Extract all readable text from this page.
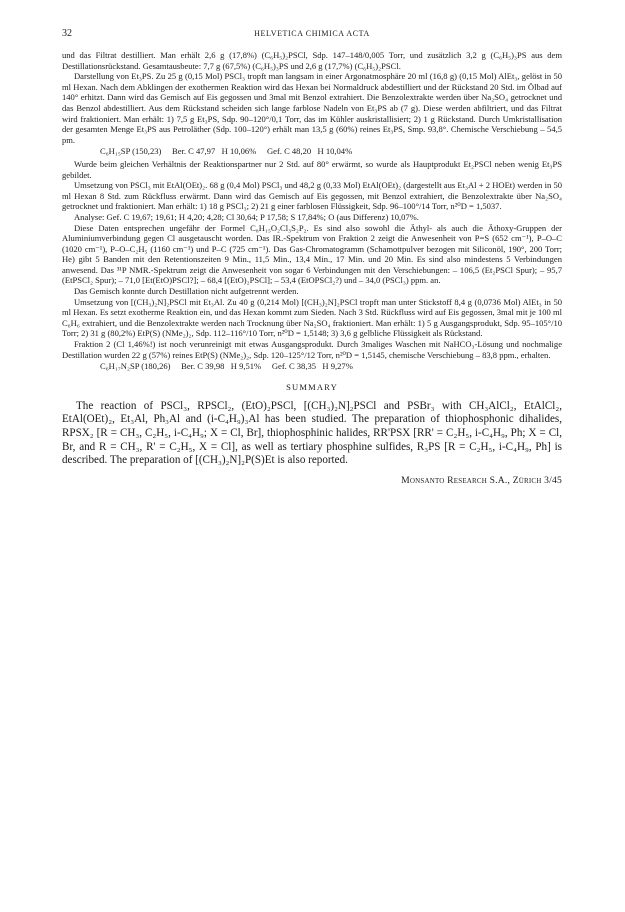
32	HELVETICA CHIMICA ACTA

und das Filtrat destilliert. Man erhält 2,6 g (17,8%) (C₆H₅)₂PSCl, Sdp. 147–148/0,005 Torr, und zusätzlich 3,2 g (C₆H₅)₃PS aus dem Destillationsrückstand. Gesamtausbeute: 7,7 g (67,5%) (C₆H₅)₃PS und 2,6 g (17,7%) (C₆H₅)₂PSCl.

Darstellung von Et₃PS. Zu 25 g (0,15 Mol) PSCl₃ tropft man langsam in einer Argonatmosphäre 20 ml (16,8 g) (0,15 Mol) AlEt₃, gelöst in 50 ml Hexan. Nach dem Abklingen der exothermen Reaktion wird das Hexan bei Normaldruck abdestilliert und der Rückstand 20 Std. im Ölbad auf 140° erhitzt. Dann wird das Gemisch auf Eis gegossen und 3mal mit Benzol extrahiert. Die Benzolextrakte werden über Na₂SO₄ getrocknet und das Benzol abdestilliert. Aus dem Rückstand scheiden sich lange farblose Nadeln von Et₃PS ab (7 g). Diese werden abfiltriert, und das Filtrat wird fraktioniert. Man erhält: 1) 7,5 g Et₃PS, Sdp. 90–120°/0,1 Torr, das im Kühler auskristallisiert; 2) 1 g Rückstand. Durch Umkristallisation der gesamten Menge Et₃PS aus Petroläther (Sdp. 100–120°) erhält man 13,5 g (60%) reines Et₃PS, Smp. 93,8°. Chemische Verschiebung – 54,5 pm.

C₆H₁₅SP (150,23)     Ber. C 47,97   H 10,06%     Gef. C 48,20   H 10,04%

Wurde beim gleichen Verhältnis der Reaktionspartner nur 2 Std. auf 80° erwärmt, so wurde als Hauptprodukt Et₂PSCl neben wenig Et₃PS gebildet.

Umsetzung von PSCl₃ mit EtAl(OEt)₂. 68 g (0,4 Mol) PSCl₃ und 48,2 g (0,33 Mol) EtAl(OEt)₂ (dargestellt aus Et₃Al + 2 HOEt) werden in 50 ml Hexan 8 Std. zum Rückfluss erwärmt. Dann wird das Gemisch auf Eis gegossen, mit Benzol extrahiert, die Benzolextrakte über Na₂SO₄ getrocknet und fraktioniert. Man erhält: 1) 18 g PSCl₃; 2) 21 g einer farblosen Flüssigkeit, Sdp. 96–100°/14 Torr, n²⁰D = 1,5037.

Analyse: Gef. C 19,67; 19,61; H 4,20; 4,28; Cl 30,64; P 17,58; S 17,84%; O (aus Differenz) 10,07%.

Diese Daten entsprechen ungefähr der Formel C₈H₁₅O₂Cl₃S₂P₂. Es sind also sowohl die Äthyl- als auch die Äthoxy-Gruppen der Aluminiumverbindung gegen Cl ausgetauscht worden. Das IR.-Spektrum von Fraktion 2 zeigt die Anwesenheit von P=S (652 cm⁻¹), P–O–C (1020 cm⁻¹), P–O–C₂H₅ (1160 cm⁻¹) und P–C (725 cm⁻¹). Das Gas-Chromatogramm (Schamottpulver bezogen mit Siliconöl, 190°, 200 Torr; He) gibt 5 Banden mit den Retentionszeiten 9 Min., 11,5 Min., 13,4 Min., 17 Min. und 20 Min. Es sind also mindestens 5 Verbindungen anwesend. Das ³¹P NMR.-Spektrum zeigt die Anwesenheit von sogar 6 Verbindungen mit den Verschiebungen: – 106,5 (Et₂PSCl Spur); – 95,7 (EtPSCl₂ Spur); – 71,0 [Et(EtO)PSCl?]; – 68,4 [(EtO)₂PSCl]; – 53,4 (EtOPSCl₂?) und – 34,0 (PSCl₃) ppm. an.

Das Gemisch konnte durch Destillation nicht aufgetrennt werden.

Umsetzung von [(CH₃)₂N]₂PSCl mit Et₃Al. Zu 40 g (0,214 Mol) [(CH₃)₂N]₂PSCl tropft man unter Stickstoff 8,4 g (0,0736 Mol) AlEt₃ in 50 ml Hexan. Es setzt exotherme Reaktion ein, und das Hexan kommt zum Sieden. Nach 3 Std. Rückfluss wird auf Eis gegossen, 3mal mit je 100 ml C₆H₆ extrahiert, und die Benzolextrakte werden nach Trocknung über Na₂SO₄ fraktioniert. Man erhält: 1) 5 g Ausgangsprodukt, Sdp. 95–105°/10 Torr; 2) 31 g (80,2%) EtP(S) (NMe₂)₂, Sdp. 112–116°/10 Torr, n²⁰D = 1,5148; 3) 3,6 g gelbliche Flüssigkeit als Rückstand.

Fraktion 2 (Cl 1,46%!) ist noch verunreinigt mit etwas Ausgangsprodukt. Durch 3maliges Waschen mit NaHCO₃-Lösung und nochmalige Destillation wurden 22 g (57%) reines EtP(S) (NMe₂)₂, Sdp. 120–125°/12 Torr, n²⁰D = 1,5145, chemische Verschiebung – 83,8 ppm., erhalten.

C₆H₁₇N₂SP (180,26)     Ber. C 39,98   H 9,51%     Gef. C 38,35   H 9,27%

SUMMARY

The reaction of PSCl₃, RPSCl₂, (EtO)₂PSCl, [(CH₃)₂N]₂PSCl and PSBr₃ with CH₃AlCl₂, EtAlCl₂, EtAl(OEt)₂, Et₃Al, Ph₃Al and (i-C₄H₉)₃Al has been studied. The preparation of thiophosphonic dihalides, RPSX₂ [R = CH₃, C₂H₅, i-C₄H₉; X = Cl, Br], thiophosphinic halides, RR'PSX [RR' = C₂H₅, i-C₄H₉, Ph; X = Cl, Br, and R = CH₃, R' = C₂H₅, X = Cl], as well as tertiary phosphine sulfides, R₃PS [R = C₂H₅, i-C₄H₉, Ph] is described. The preparation of [(CH₃)₂N]₂P(S)Et is also reported.

Monsanto Research S.A., Zürich 3/45
